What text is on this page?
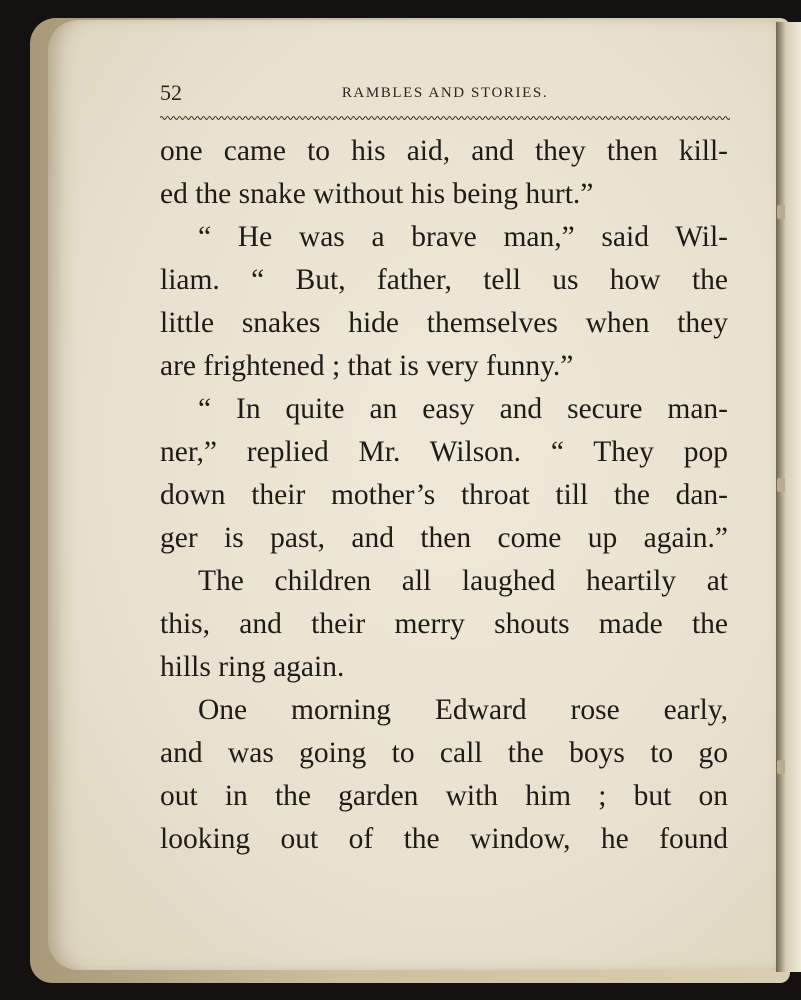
52	RAMBLES AND STORIES.
one came to his aid, and they then kill-
ed the snake without his being hurt.”
“ He was a brave man,” said Wil-
liam. “ But, father, tell us how the
little snakes hide themselves when they
are frightened ; that is very funny.”
“ In quite an easy and secure man-
ner,” replied Mr. Wilson. “ They pop
down their mother’s throat till the dan-
ger is past, and then come up again.”
The children all laughed heartily at
this, and their merry shouts made the
hills ring again.
One morning Edward rose early,
and was going to call the boys to go
out in the garden with him ; but on
looking out of the window, he found
